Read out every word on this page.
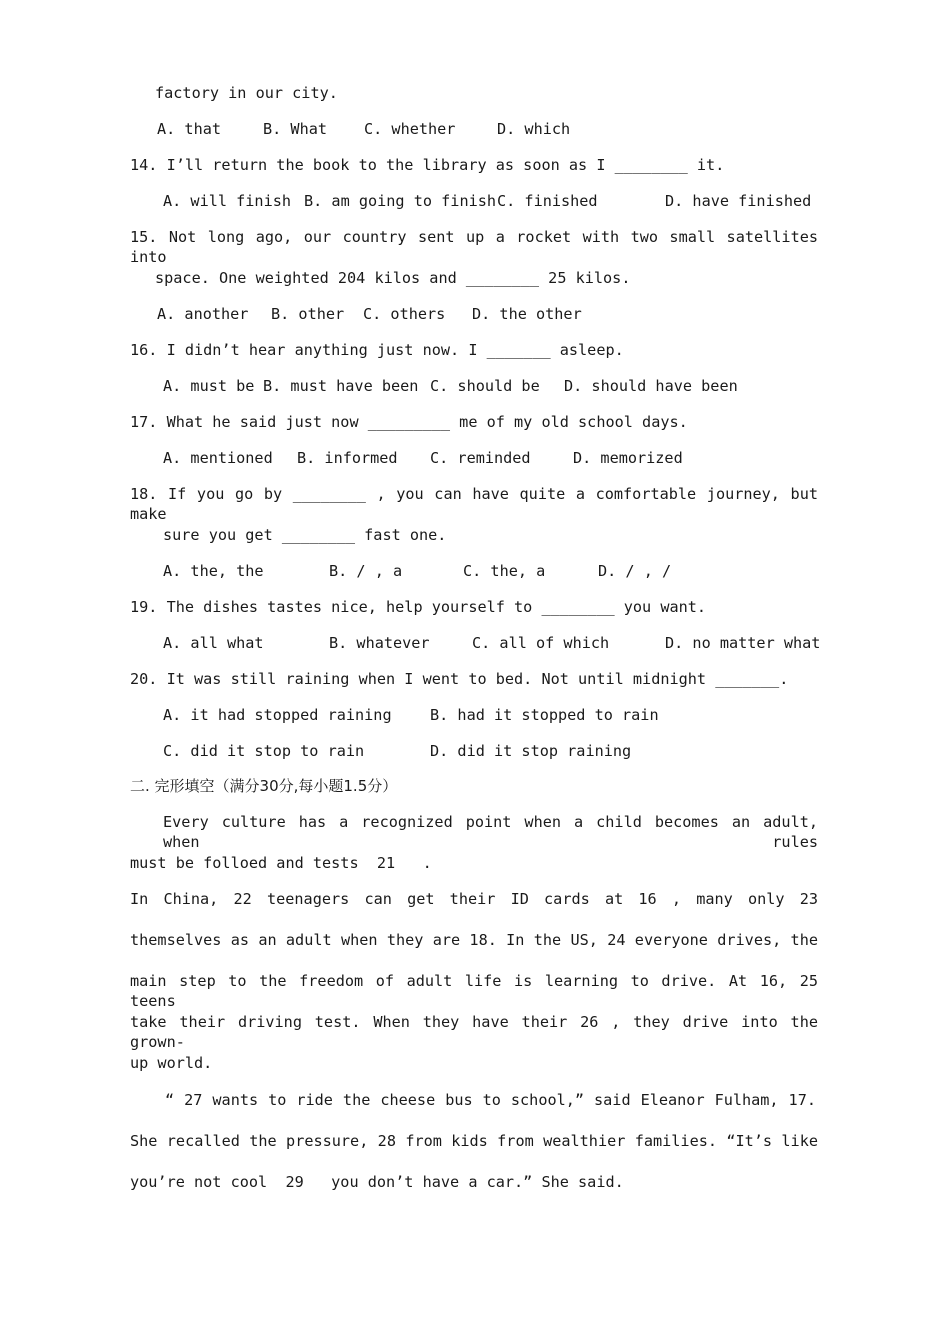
factory in our city.
A. that	B. What C. whether	D. which
14. I’ll return the book to the library as soon as I ________ it.
A. will finish B. am going to finish C. finished	D. have finished
15. Not long ago, our country sent up a rocket with two small satellites into
space. One weighted 204 kilos and ________ 25 kilos.
A. another B. other C. others D. the other
16. I didn’t hear anything just now. I _______ asleep.
A. must be B. must have been C. should be D. should have been
17. What he said just now _________ me of my old school days.
A. mentioned B. informed C. reminded	D. memorized
18. If you go by ________ , you can have quite a comfortable journey, but make
sure you get ________ fast one.
A. the, the	B. / , a	C. the, a	D. / , /
19. The dishes tastes nice, help yourself to ________ you want.
A. all what	B. whatever	C. all of which	D. no matter what
20. It was still raining when I went to bed. Not until midnight _______.
A. it had stopped raining	B. had it stopped to rain
C. did it stop to rain	D. did it stop raining
二. 完形填空（满分30分,每小题1.5分）
Every culture has a recognized point when a child becomes an adult, when rules
must be folloed and tests  21   .
In China, 22 teenagers can get their ID cards at 16 , many only 23
themselves as an adult when they are 18. In the US, 24 everyone drives, the
main step to the freedom of adult life is learning to drive. At 16, 25 teens
take their driving test. When they have their 26 , they drive into the grown-
up world.
“ 27 wants to ride the cheese bus to school,” said Eleanor Fulham, 17.
She recalled the pressure, 28 from kids from wealthier families. “It’s like
you’re not cool  29   you don’t have a car.” She said.
